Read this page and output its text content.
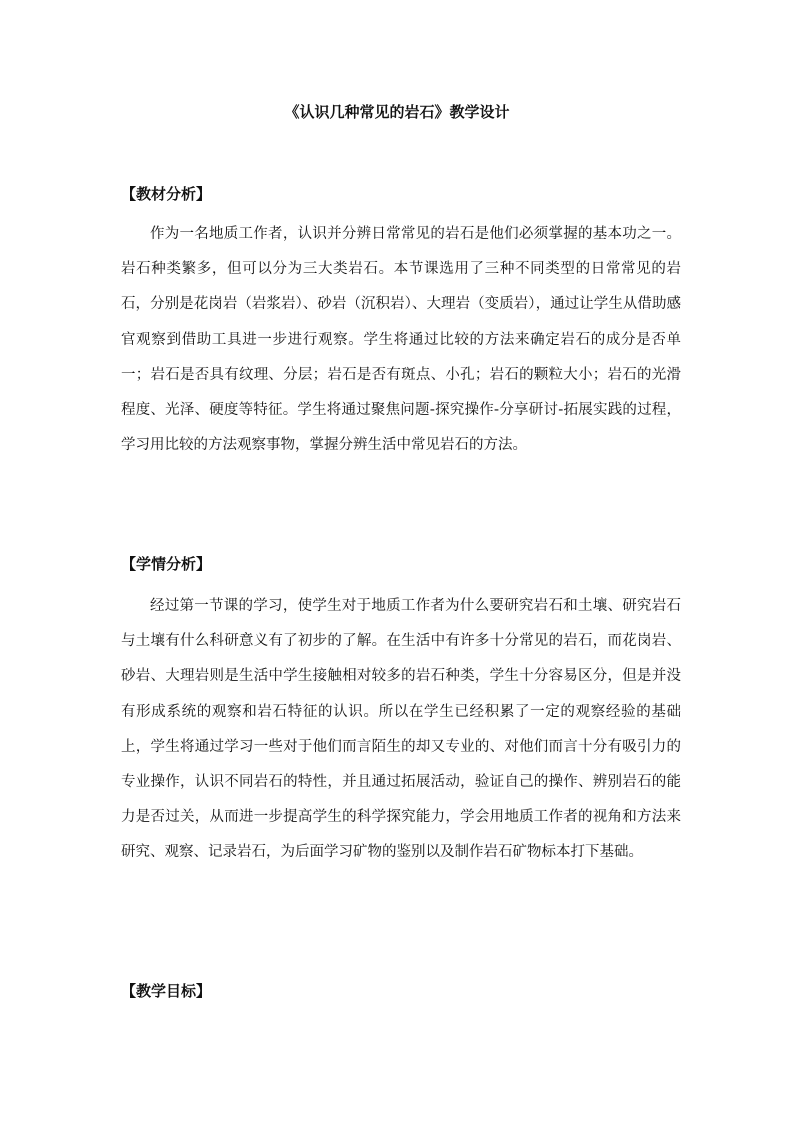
《认识几种常见的岩石》教学设计
【教材分析】

作为一名地质工作者，认识并分辨日常常见的岩石是他们必须掌握的基本功之一。岩石种类繁多，但可以分为三大类岩石。本节课选用了三种不同类型的日常常见的岩石，分别是花岗岩（岩浆岩）、砂岩（沉积岩）、大理岩（变质岩），通过让学生从借助感官观察到借助工具进一步进行观察。学生将通过比较的方法来确定岩石的成分是否单一；岩石是否具有纹理、分层；岩石是否有斑点、小孔；岩石的颗粒大小；岩石的光滑程度、光泽、硬度等特征。学生将通过聚焦问题-探究操作-分享研讨-拓展实践的过程，学习用比较的方法观察事物，掌握分辨生活中常见岩石的方法。

【学情分析】

经过第一节课的学习，使学生对于地质工作者为什么要研究岩石和土壤、研究岩石与土壤有什么科研意义有了初步的了解。在生活中有许多十分常见的岩石，而花岗岩、砂岩、大理岩则是生活中学生接触相对较多的岩石种类，学生十分容易区分，但是并没有形成系统的观察和岩石特征的认识。所以在学生已经积累了一定的观察经验的基础上，学生将通过学习一些对于他们而言陌生的却又专业的、对他们而言十分有吸引力的专业操作，认识不同岩石的特性，并且通过拓展活动，验证自己的操作、辨别岩石的能力是否过关，从而进一步提高学生的科学探究能力，学会用地质工作者的视角和方法来研究、观察、记录岩石，为后面学习矿物的鉴别以及制作岩石矿物标本打下基础。

【教学目标】
